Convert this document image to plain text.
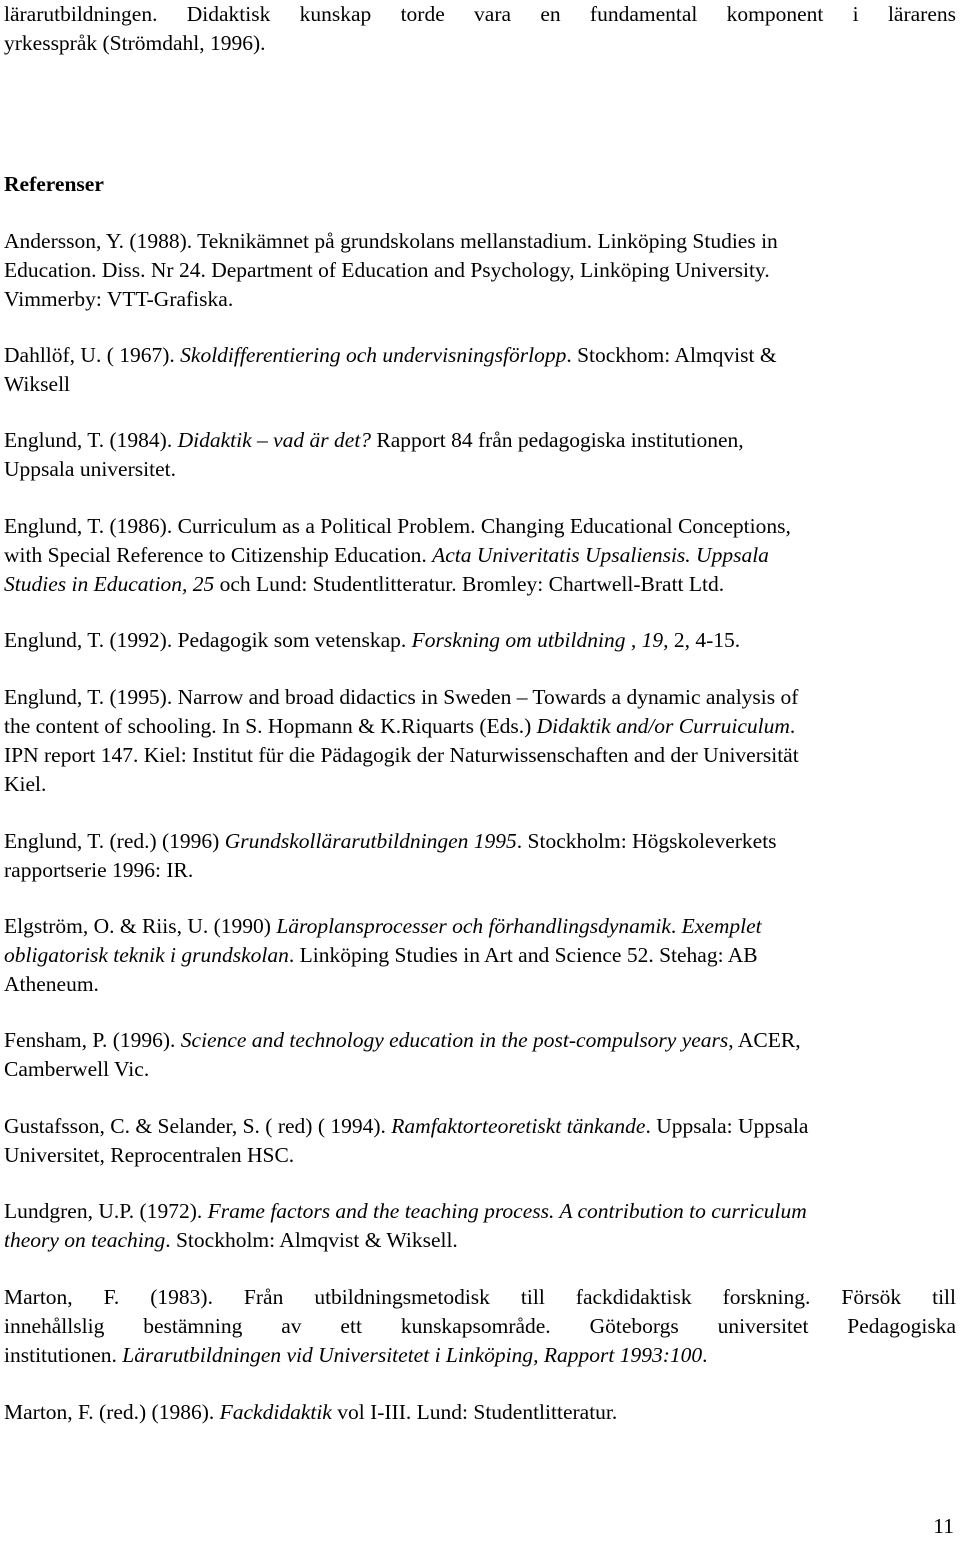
lärarutbildningen. Didaktisk kunskap torde vara en fundamental komponent i lärarens
yrkesspråk (Strömdahl, 1996).
Referenser
Andersson, Y. (1988). Teknikämnet på grundskolans mellanstadium. Linköping Studies in
Education. Diss. Nr 24. Department of Education and Psychology, Linköping University.
Vimmerby: VTT-Grafiska.
Dahllöf, U. ( 1967). Skoldifferentiering och undervisningsförlopp. Stockhom: Almqvist &
Wiksell
Englund, T. (1984). Didaktik – vad är det? Rapport 84 från pedagogiska institutionen,
Uppsala universitet.
Englund, T. (1986). Curriculum as a Political Problem. Changing Educational Conceptions,
with Special Reference to Citizenship Education. Acta Univeritatis Upsaliensis. Uppsala
Studies in Education, 25 och Lund: Studentlitteratur. Bromley: Chartwell-Bratt Ltd.
Englund, T. (1992). Pedagogik som vetenskap. Forskning om utbildning , 19, 2, 4-15.
Englund, T. (1995). Narrow and broad didactics in Sweden – Towards a dynamic analysis of
the content of schooling. In S. Hopmann & K.Riquarts (Eds.) Didaktik and/or Curruiculum.
IPN report 147. Kiel: Institut für die Pädagogik der Naturwissenschaften and der Universität
Kiel.
Englund, T. (red.) (1996) Grundskollärarutbildningen 1995. Stockholm: Högskoleverkets
rapportserie 1996: IR.
Elgström, O. & Riis, U. (1990) Läroplansprocesser och förhandlingsdynamik. Exemplet
obligatorisk teknik i grundskolan. Linköping Studies in Art and Science 52. Stehag: AB
Atheneum.
Fensham, P. (1996). Science and technology education in the post-compulsory years, ACER,
Camberwell Vic.
Gustafsson, C. & Selander, S. ( red) ( 1994). Ramfaktorteoretiskt tänkande. Uppsala: Uppsala
Universitet, Reprocentralen HSC.
Lundgren, U.P. (1972). Frame factors and the teaching process. A contribution to curriculum
theory on teaching. Stockholm: Almqvist & Wiksell.
Marton, F. (1983). Från utbildningsmetodisk till fackdidaktisk forskning. Försök till
innehållslig bestämning av ett kunskapsområde. Göteborgs universitet Pedagogiska
institutionen. Lärarutbildningen vid Universitetet i Linköping, Rapport 1993:100.
Marton, F. (red.) (1986). Fackdidaktik vol I-III. Lund: Studentlitteratur.
11
